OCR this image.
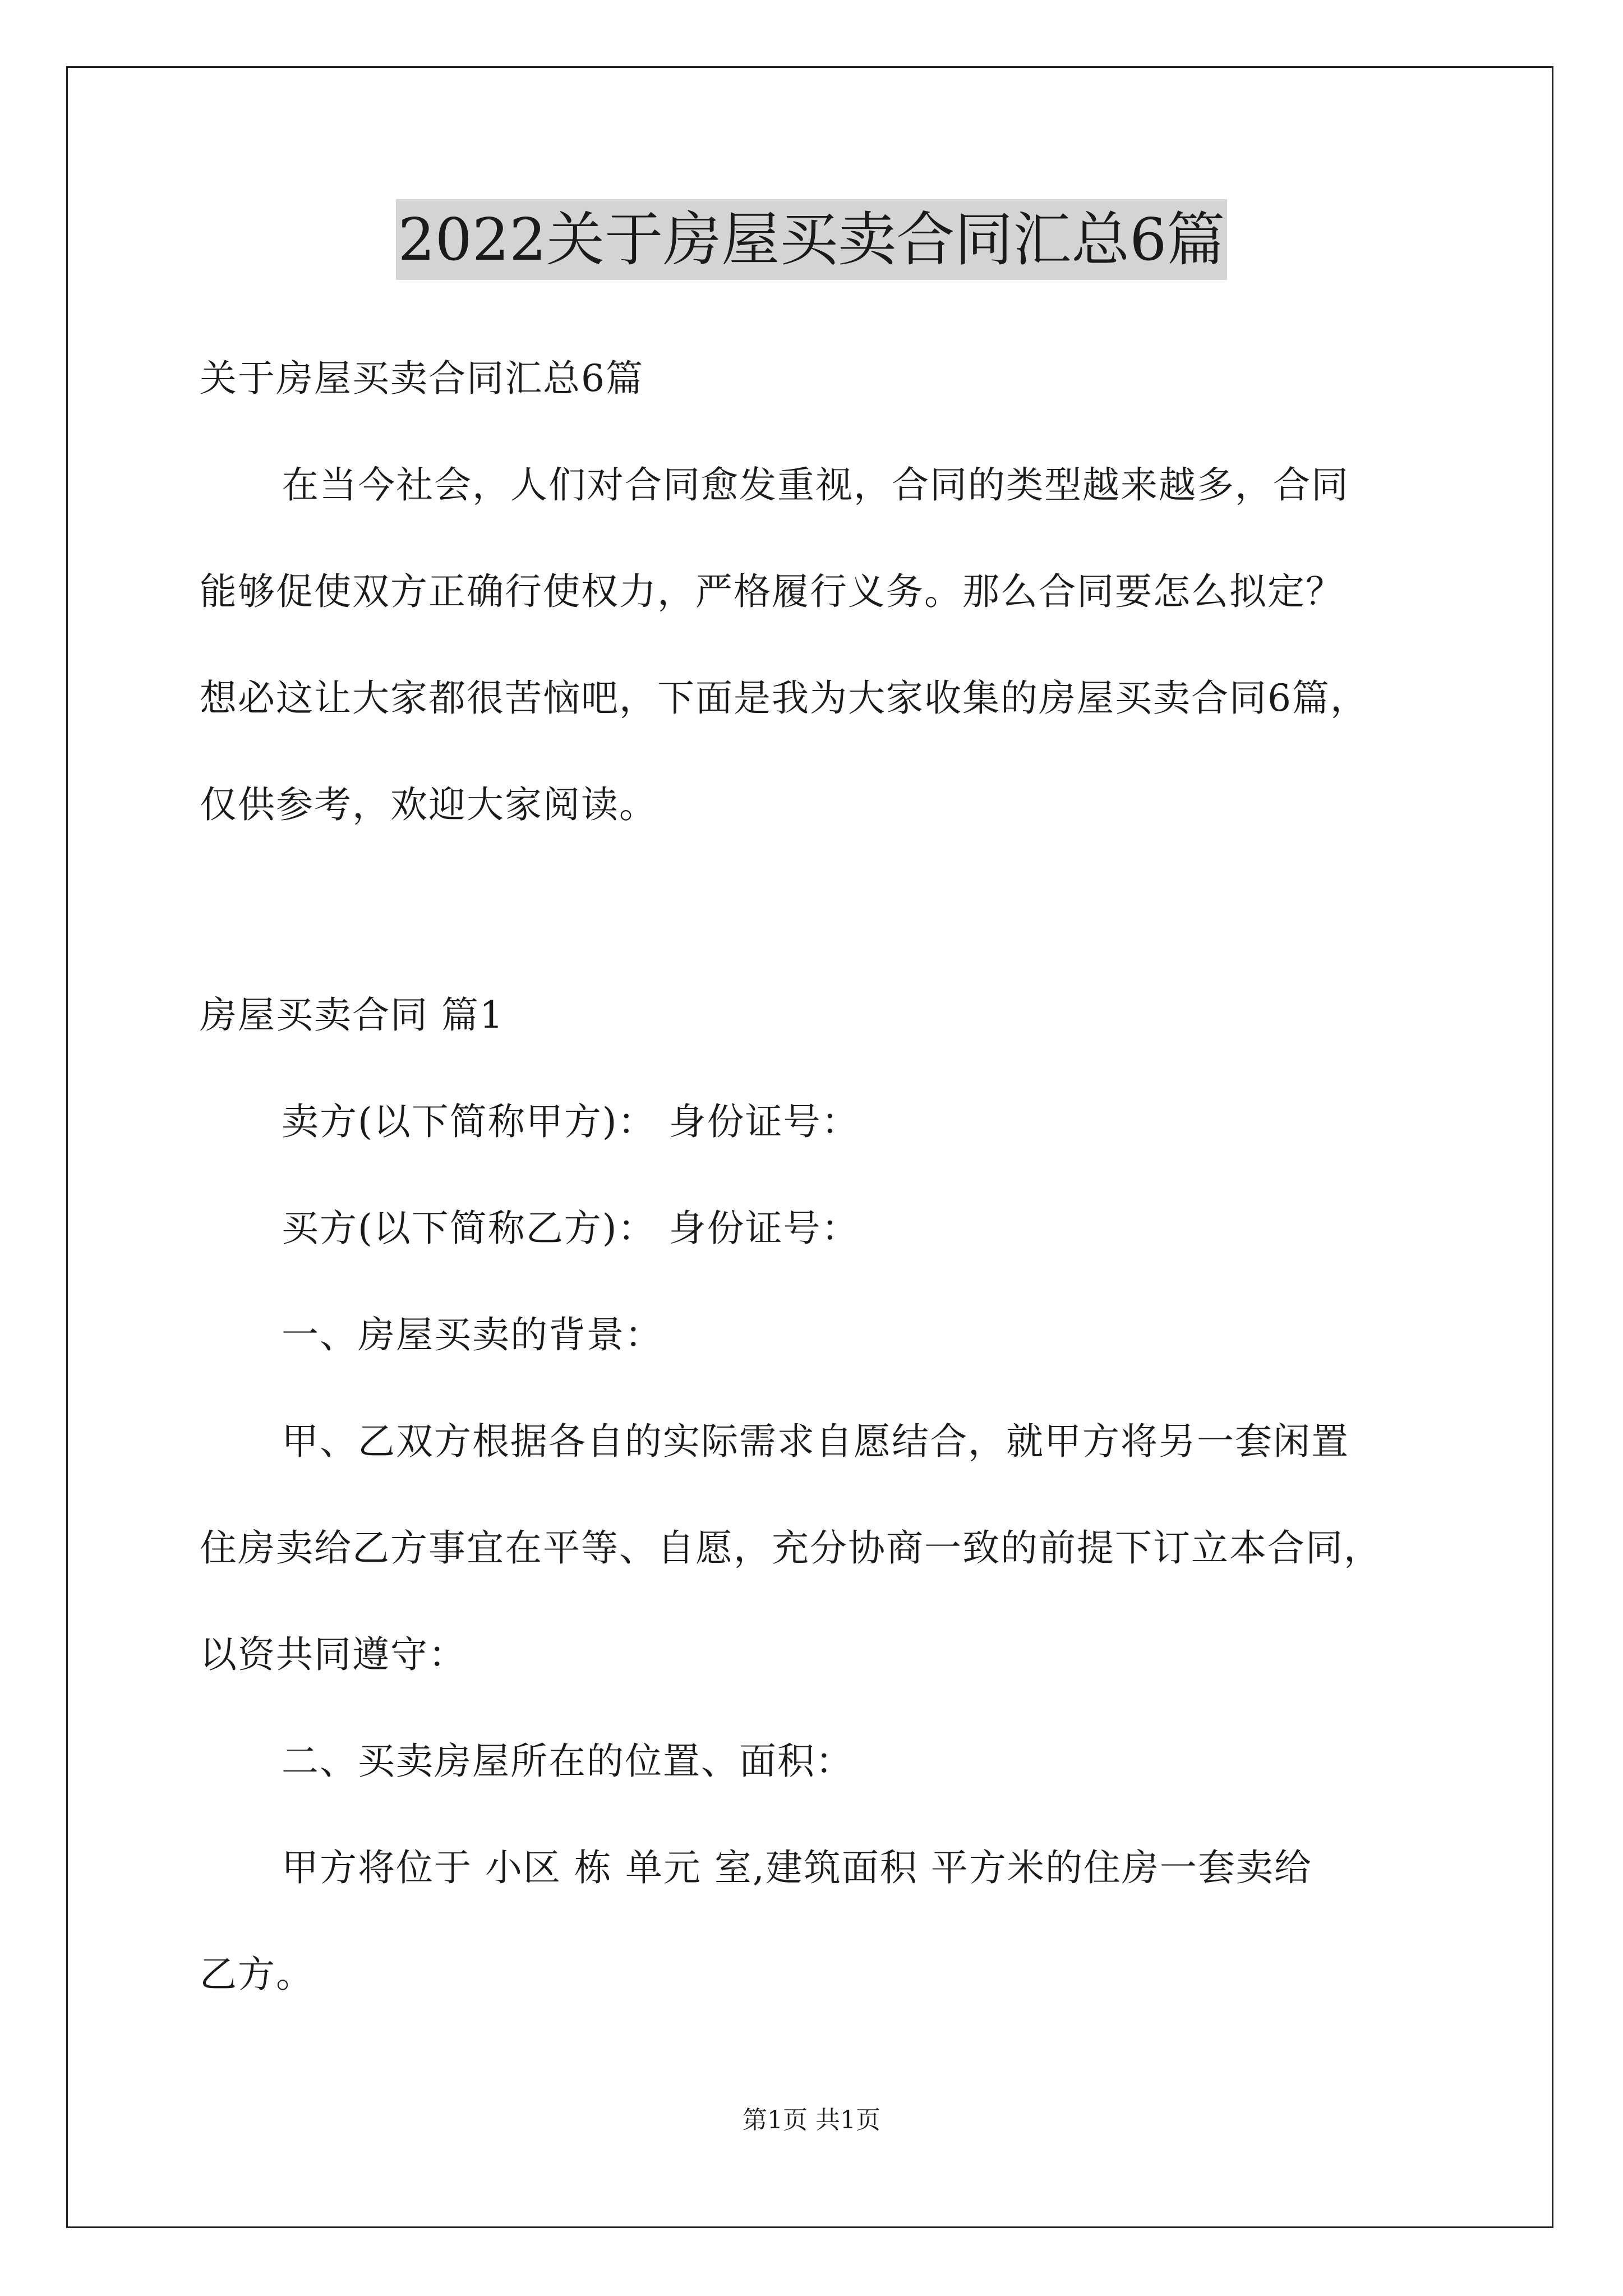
2022关于房屋买卖合同汇总6篇
关于房屋买卖合同汇总6篇
在当今社会，人们对合同愈发重视，合同的类型越来越多，合同
能够促使双方正确行使权力，严格履行义务。那么合同要怎么拟定？
想必这让大家都很苦恼吧，下面是我为大家收集的房屋买卖合同6篇，
仅供参考，欢迎大家阅读。
房屋买卖合同 篇1
卖方(以下简称甲方)： 身份证号：
买方(以下简称乙方)： 身份证号：
一、房屋买卖的背景：
甲、乙双方根据各自的实际需求自愿结合，就甲方将另一套闲置
住房卖给乙方事宜在平等、自愿，充分协商一致的前提下订立本合同，
以资共同遵守：
二、买卖房屋所在的位置、面积：
甲方将位于 小区 栋 单元 室,建筑面积 平方米的住房一套卖给
乙方。
第1页 共1页
